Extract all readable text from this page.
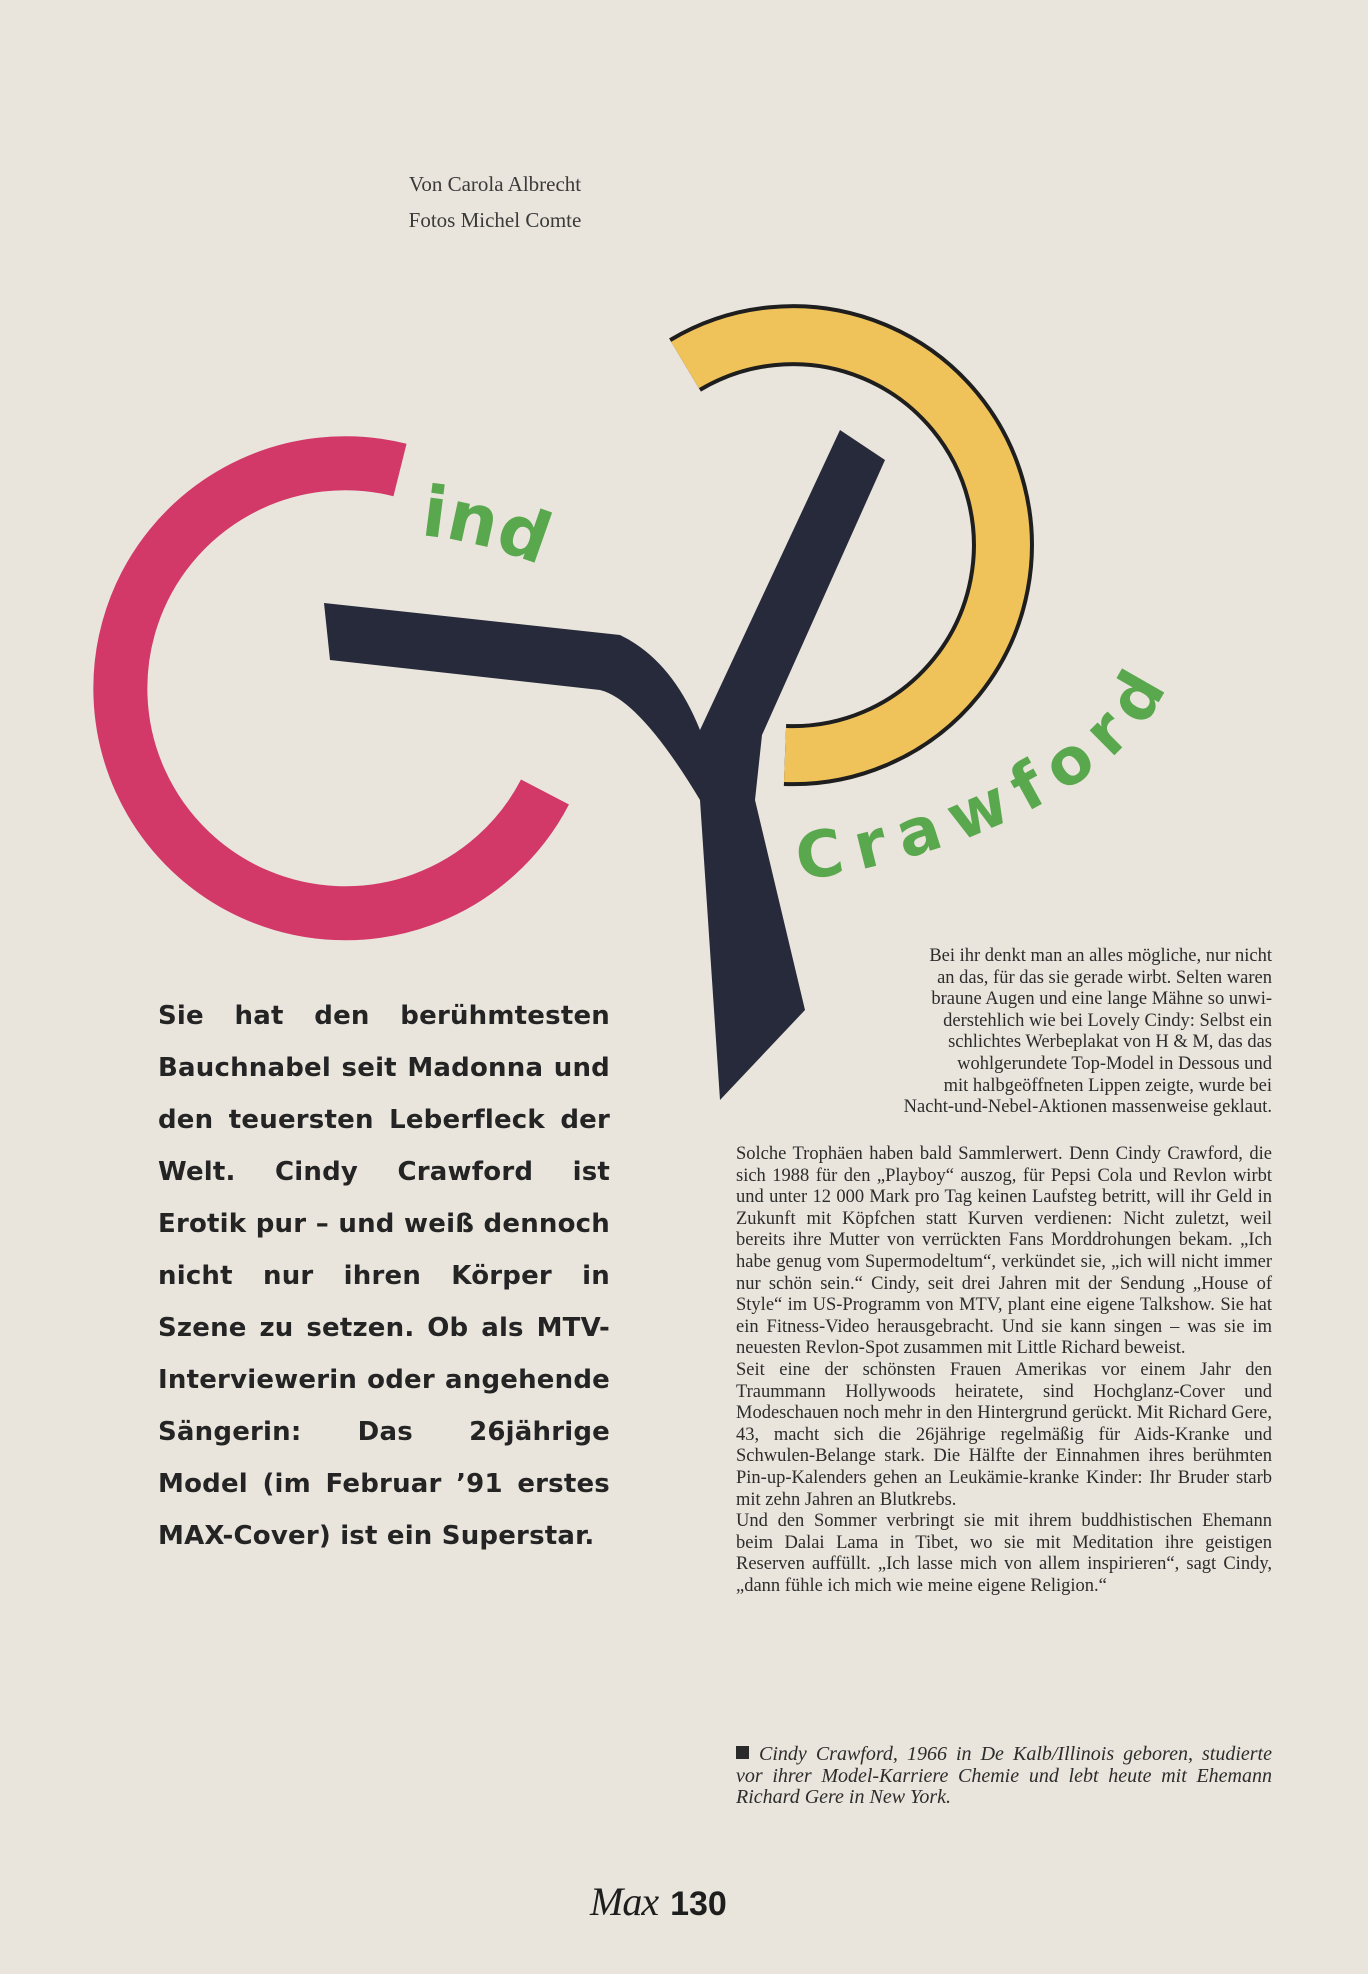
Von Carola Albrecht
Fotos Michel Comte
ind
Crawford
Sie hat den berühmtesten Bauchnabel seit Madonna und den teuersten Leberfleck der Welt. Cindy Crawford ist Erotik pur – und weiß dennoch nicht nur ihren Körper in Szene zu setzen. Ob als MTV-Interviewerin oder angehende Sängerin: Das 26jährige Model (im Februar ’91 erstes MAX-Cover) ist ein Superstar.
Bei ihr denkt man an alles mögliche, nur nicht
an das, für das sie gerade wirbt. Selten waren
braune Augen und eine lange Mähne so unwi-
derstehlich wie bei Lovely Cindy: Selbst ein
schlichtes Werbeplakat von H & M, das das
wohlgerundete Top-Model in Dessous und
mit halbgeöffneten Lippen zeigte, wurde bei
Nacht-und-Nebel-Aktionen massenweise geklaut.

Solche Trophäen haben bald Sammlerwert. Denn Cindy Crawford, die sich 1988 für den „Playboy“ auszog, für Pepsi Cola und Revlon wirbt und unter 12 000 Mark pro Tag keinen Laufsteg betritt, will ihr Geld in Zukunft mit Köpfchen statt Kurven verdienen: Nicht zuletzt, weil bereits ihre Mutter von verrückten Fans Morddrohungen bekam. „Ich habe genug vom Supermodeltum“, verkündet sie, „ich will nicht immer nur schön sein.“ Cindy, seit drei Jahren mit der Sendung „House of Style“ im US-Programm von MTV, plant eine eigene Talkshow. Sie hat ein Fitness-Video herausgebracht. Und sie kann singen – was sie im neuesten Revlon-Spot zusammen mit Little Richard beweist.

Seit eine der schönsten Frauen Amerikas vor einem Jahr den Traummann Hollywoods heiratete, sind Hochglanz-Cover und Modeschauen noch mehr in den Hintergrund gerückt. Mit Richard Gere, 43, macht sich die 26jährige regelmäßig für Aids-Kranke und Schwulen-Belange stark. Die Hälfte der Einnahmen ihres berühmten Pin-up-Kalenders gehen an Leukämie-kranke Kinder: Ihr Bruder starb mit zehn Jahren an Blutkrebs.

Und den Sommer verbringt sie mit ihrem buddhistischen Ehemann beim Dalai Lama in Tibet, wo sie mit Meditation ihre geistigen Reserven auffüllt. „Ich lasse mich von allem inspirieren“, sagt Cindy, „dann fühle ich mich wie meine eigene Religion.“

Cindy Crawford, 1966 in De Kalb/Illinois geboren, studierte vor ihrer Model-Karriere Chemie und lebt heute mit Ehemann Richard Gere in New York.
Max 130
